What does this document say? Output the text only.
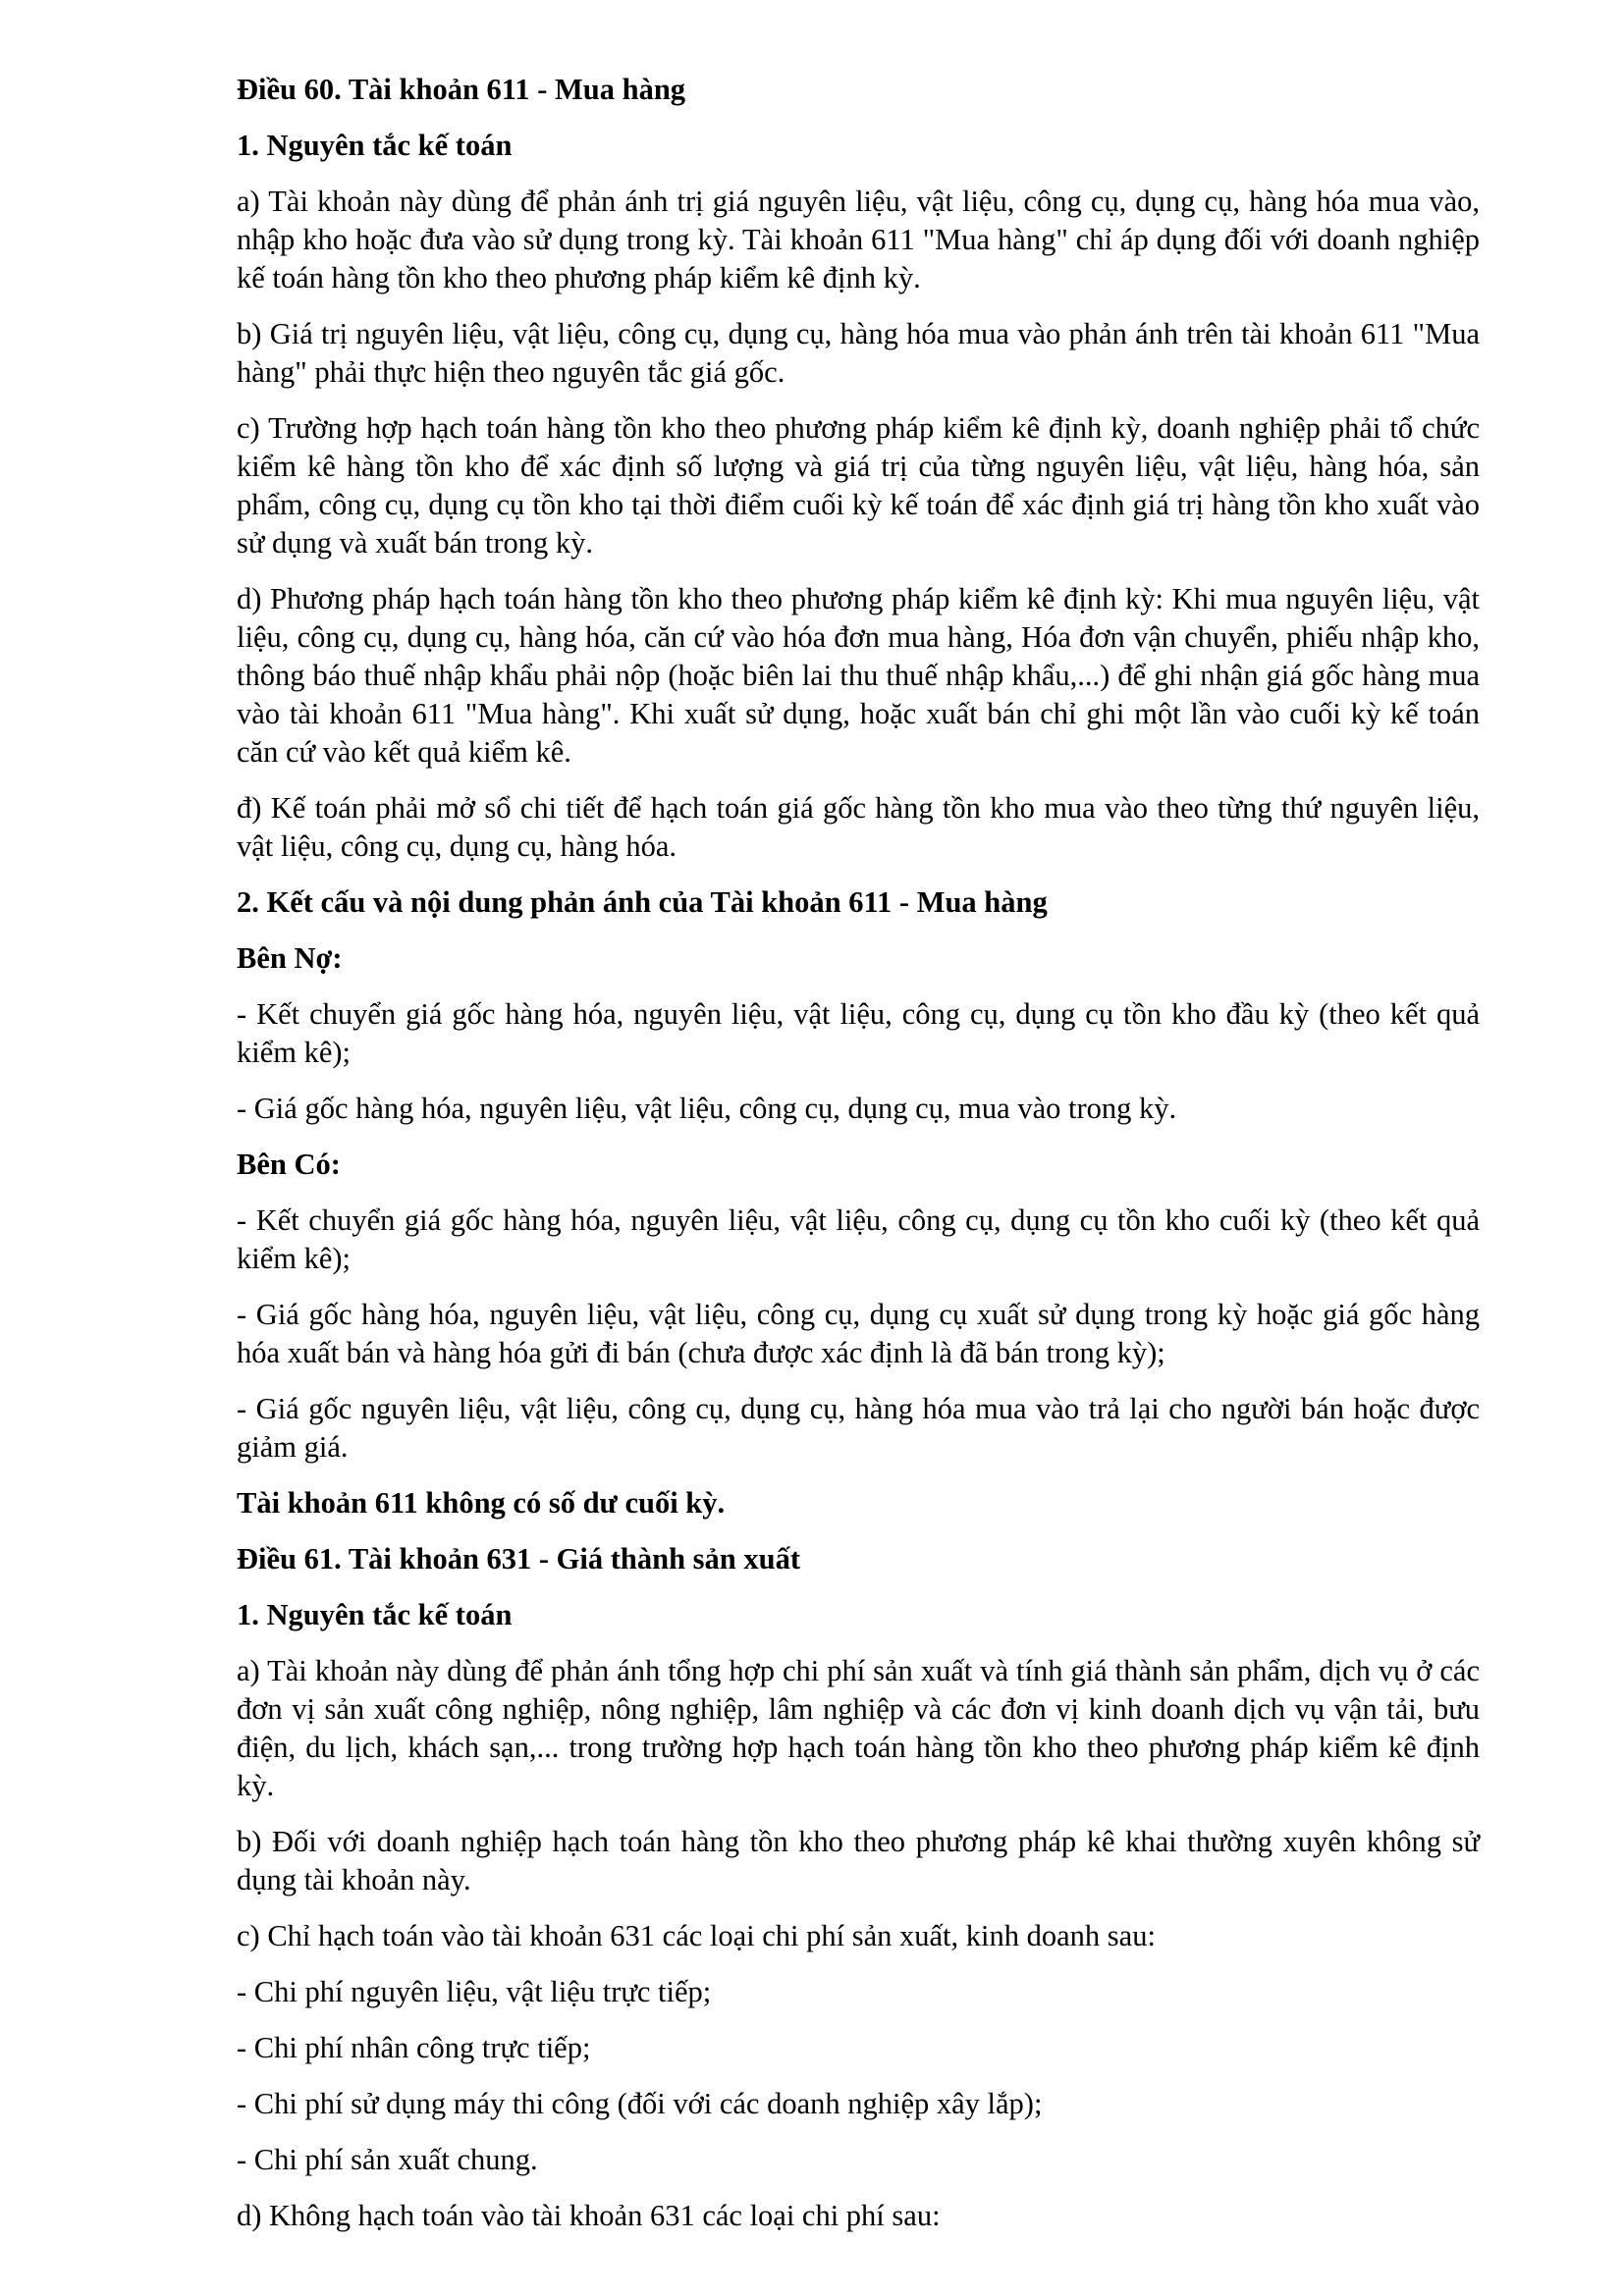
Điều 60. Tài khoản 611 - Mua hàng
1. Nguyên tắc kế toán

a) Tài khoản này dùng để phản ánh trị giá nguyên liệu, vật liệu, công cụ, dụng cụ, hàng hóa mua vào, nhập kho hoặc đưa vào sử dụng trong kỳ. Tài khoản 611 "Mua hàng" chỉ áp dụng đối với doanh nghiệp kế toán hàng tồn kho theo phương pháp kiểm kê định kỳ.

b) Giá trị nguyên liệu, vật liệu, công cụ, dụng cụ, hàng hóa mua vào phản ánh trên tài khoản 611 "Mua hàng" phải thực hiện theo nguyên tắc giá gốc.

c) Trường hợp hạch toán hàng tồn kho theo phương pháp kiểm kê định kỳ, doanh nghiệp phải tổ chức kiểm kê hàng tồn kho để xác định số lượng và giá trị của từng nguyên liệu, vật liệu, hàng hóa, sản phẩm, công cụ, dụng cụ tồn kho tại thời điểm cuối kỳ kế toán để xác định giá trị hàng tồn kho xuất vào sử dụng và xuất bán trong kỳ.

d) Phương pháp hạch toán hàng tồn kho theo phương pháp kiểm kê định kỳ: Khi mua nguyên liệu, vật liệu, công cụ, dụng cụ, hàng hóa, căn cứ vào hóa đơn mua hàng, Hóa đơn vận chuyển, phiếu nhập kho, thông báo thuế nhập khẩu phải nộp (hoặc biên lai thu thuế nhập khẩu,...) để ghi nhận giá gốc hàng mua vào tài khoản 611 "Mua hàng". Khi xuất sử dụng, hoặc xuất bán chỉ ghi một lần vào cuối kỳ kế toán căn cứ vào kết quả kiểm kê.

đ) Kế toán phải mở sổ chi tiết để hạch toán giá gốc hàng tồn kho mua vào theo từng thứ nguyên liệu, vật liệu, công cụ, dụng cụ, hàng hóa.

2. Kết cấu và nội dung phản ánh của Tài khoản 611 - Mua hàng
Bên Nợ:

- Kết chuyển giá gốc hàng hóa, nguyên liệu, vật liệu, công cụ, dụng cụ tồn kho đầu kỳ (theo kết quả kiểm kê);

- Giá gốc hàng hóa, nguyên liệu, vật liệu, công cụ, dụng cụ, mua vào trong kỳ.

Bên Có:

- Kết chuyển giá gốc hàng hóa, nguyên liệu, vật liệu, công cụ, dụng cụ tồn kho cuối kỳ (theo kết quả kiểm kê);

- Giá gốc hàng hóa, nguyên liệu, vật liệu, công cụ, dụng cụ xuất sử dụng trong kỳ hoặc giá gốc hàng hóa xuất bán và hàng hóa gửi đi bán (chưa được xác định là đã bán trong kỳ);

- Giá gốc nguyên liệu, vật liệu, công cụ, dụng cụ, hàng hóa mua vào trả lại cho người bán hoặc được giảm giá.

Tài khoản 611 không có số dư cuối kỳ.
Điều 61. Tài khoản 631 - Giá thành sản xuất
1. Nguyên tắc kế toán

a) Tài khoản này dùng để phản ánh tổng hợp chi phí sản xuất và tính giá thành sản phẩm, dịch vụ ở các đơn vị sản xuất công nghiệp, nông nghiệp, lâm nghiệp và các đơn vị kinh doanh dịch vụ vận tải, bưu điện, du lịch, khách sạn,... trong trường hợp hạch toán hàng tồn kho theo phương pháp kiểm kê định kỳ.

b) Đối với doanh nghiệp hạch toán hàng tồn kho theo phương pháp kê khai thường xuyên không sử dụng tài khoản này.

c) Chỉ hạch toán vào tài khoản 631 các loại chi phí sản xuất, kinh doanh sau:

- Chi phí nguyên liệu, vật liệu trực tiếp;

- Chi phí nhân công trực tiếp;

- Chi phí sử dụng máy thi công (đối với các doanh nghiệp xây lắp);

- Chi phí sản xuất chung.

d) Không hạch toán vào tài khoản 631 các loại chi phí sau:
